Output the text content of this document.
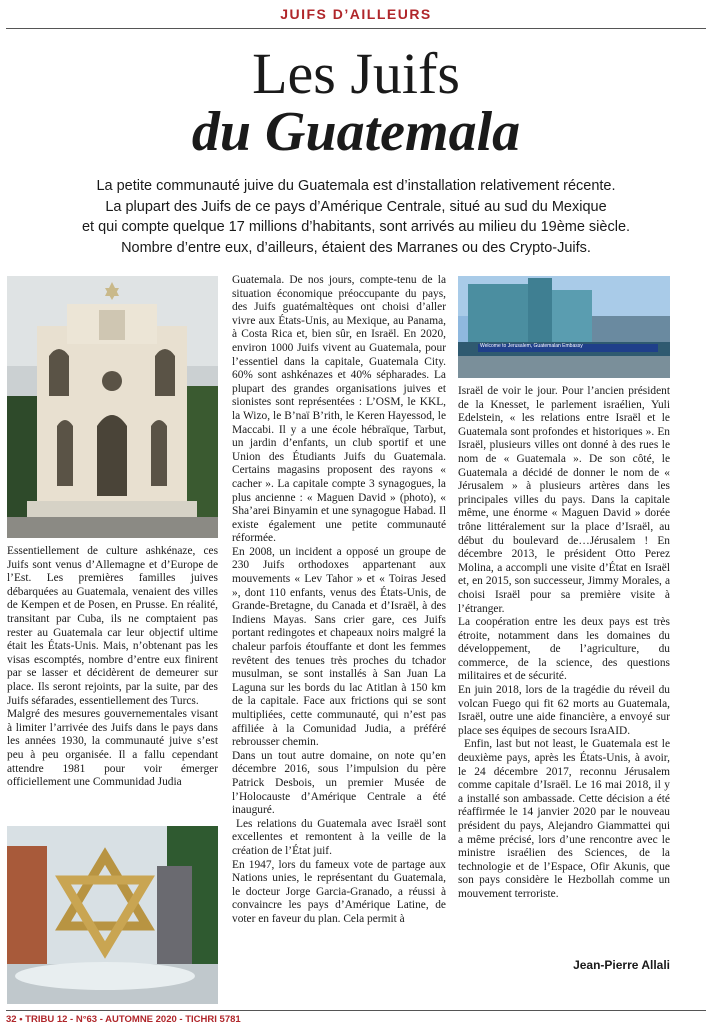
JUIFS D’AILLEURS
Les Juifs
du Guatemala
La petite communauté juive du Guatemala est d’installation relativement récente.
La plupart des Juifs de ce pays d’Amérique Centrale, situé au sud du Mexique
et qui compte quelque 17 millions d’habitants, sont arrivés au milieu du 19ème siècle.
Nombre d’entre eux, d’ailleurs, étaient des Marranes ou des Crypto-Juifs.
Welcome to Jerusalem, Guatemalan Embassy

Essentiellement de culture ashkénaze, ces Juifs sont venus d’Allemagne et d’Europe de l’Est. Les premières familles juives débarquées au Guatemala, venaient des villes de Kempen et de Posen, en Prusse. En réalité, transitant par Cuba, ils ne comptaient pas rester au Guatemala car leur objectif ultime était les États-Unis. Mais, n’obtenant pas les visas escomptés, nombre d’entre eux finirent par se lasser et décidèrent de demeurer sur place. Ils seront rejoints, par la suite, par des Juifs séfarades, essentiellement des Turcs.

Malgré des mesures gouvernementales visant à limiter l’arrivée des Juifs dans le pays dans les années 1930, la communauté juive s’est peu à peu organisée. Il a fallu cependant attendre 1981 pour voir émerger officiellement une Communidad Judia

Guatemala. De nos jours, compte-tenu de la situation économique préoccupante du pays, des Juifs guatémaltèques ont choisi d’aller vivre aux États-Unis, au Mexique, au Panama, à Costa Rica et, bien sûr, en Israël. En 2020, environ 1000 Juifs vivent au Guatemala, pour l’essentiel dans la capitale, Guatemala City. 60% sont ashkénazes et 40% sépharades. La plupart des grandes organisations juives et sionistes sont représentées : L’OSM, le KKL, la Wizo, le B’naï B’rith, le Keren Hayessod, le Maccabi. Il y a une école hébraïque, Tarbut, un jardin d’enfants, un club sportif et une Union des Étudiants Juifs du Guatemala. Certains magasins proposent des rayons « cacher ». La capitale compte 3 synagogues, la plus ancienne : « Maguen David » (photo), « Sha’arei Binyamin et une synagogue Habad. Il existe également une petite communauté réformée.

En 2008, un incident a opposé un groupe de 230 Juifs orthodoxes appartenant aux mouvements « Lev Tahor » et « Toiras Jesed », dont 110 enfants, venus des États-Unis, de Grande-Bretagne, du Canada et d’Israël, à des Indiens Mayas. Sans crier gare, ces Juifs portant redingotes et chapeaux noirs malgré la chaleur parfois étouffante et dont les femmes revêtent des tenues très proches du tchador musulman, se sont installés à San Juan La Laguna sur les bords du lac Atitlan à 150 km de la capitale. Face aux frictions qui se sont multipliées, cette communauté, qui n’est pas affiliée à la Comunidad Judia, a préféré rebrousser chemin.

Dans un tout autre domaine, on note qu’en décembre 2016, sous l’impulsion du père Patrick Desbois, un premier Musée de l’Holocauste d’Amérique Centrale a été inauguré.

Les relations du Guatemala avec Israël sont excellentes et remontent à la veille de la création de l’État juif.

En 1947, lors du fameux vote de partage aux Nations unies, le représentant du Guatemala, le docteur Jorge Garcia-Granado, a réussi à convaincre les pays d’Amérique Latine, de voter en faveur du plan. Cela permit à

Israël de voir le jour. Pour l’ancien président de la Knesset, le parlement israélien, Yuli Edelstein, « les relations entre Israël et le Guatemala sont profondes et historiques ». En Israël, plusieurs villes ont donné à des rues le nom de « Guatemala ». De son côté, le Guatemala a décidé de donner le nom de « Jérusalem » à plusieurs artères dans les principales villes du pays. Dans la capitale même, une énorme « Maguen David » dorée trône littéralement sur la place d’Israël, au début du boulevard de…Jérusalem ! En décembre 2013, le président Otto Perez Molina, a accompli une visite d’État en Israël et, en 2015, son successeur, Jimmy Morales, a choisi Israël pour sa première visite à l’étranger.

La coopération entre les deux pays est très étroite, notamment dans les domaines du développement, de l’agriculture, du commerce, de la science, des questions militaires et de sécurité.

En juin 2018, lors de la tragédie du réveil du volcan Fuego qui fit 62 morts au Guatemala, Israël, outre une aide financière, a envoyé sur place ses équipes de secours IsraAID.

Enfin, last but not least, le Guatemala est le deuxième pays, après les États-Unis, à avoir, le 24 décembre 2017, reconnu Jérusalem comme capitale d’Israël. Le 16 mai 2018, il y a installé son ambassade. Cette décision a été réaffirmée le 14 janvier 2020 par le nouveau président du pays, Alejandro Giammattei qui a même précisé, lors d’une rencontre avec le ministre israélien des Sciences, de la technologie et de l’Espace, Ofir Akunis, que son pays considère le Hezbollah comme un mouvement terroriste.

Jean-Pierre Allali
32 • TRIBU 12 - N°63 - AUTOMNE 2020 - TICHRI 5781
